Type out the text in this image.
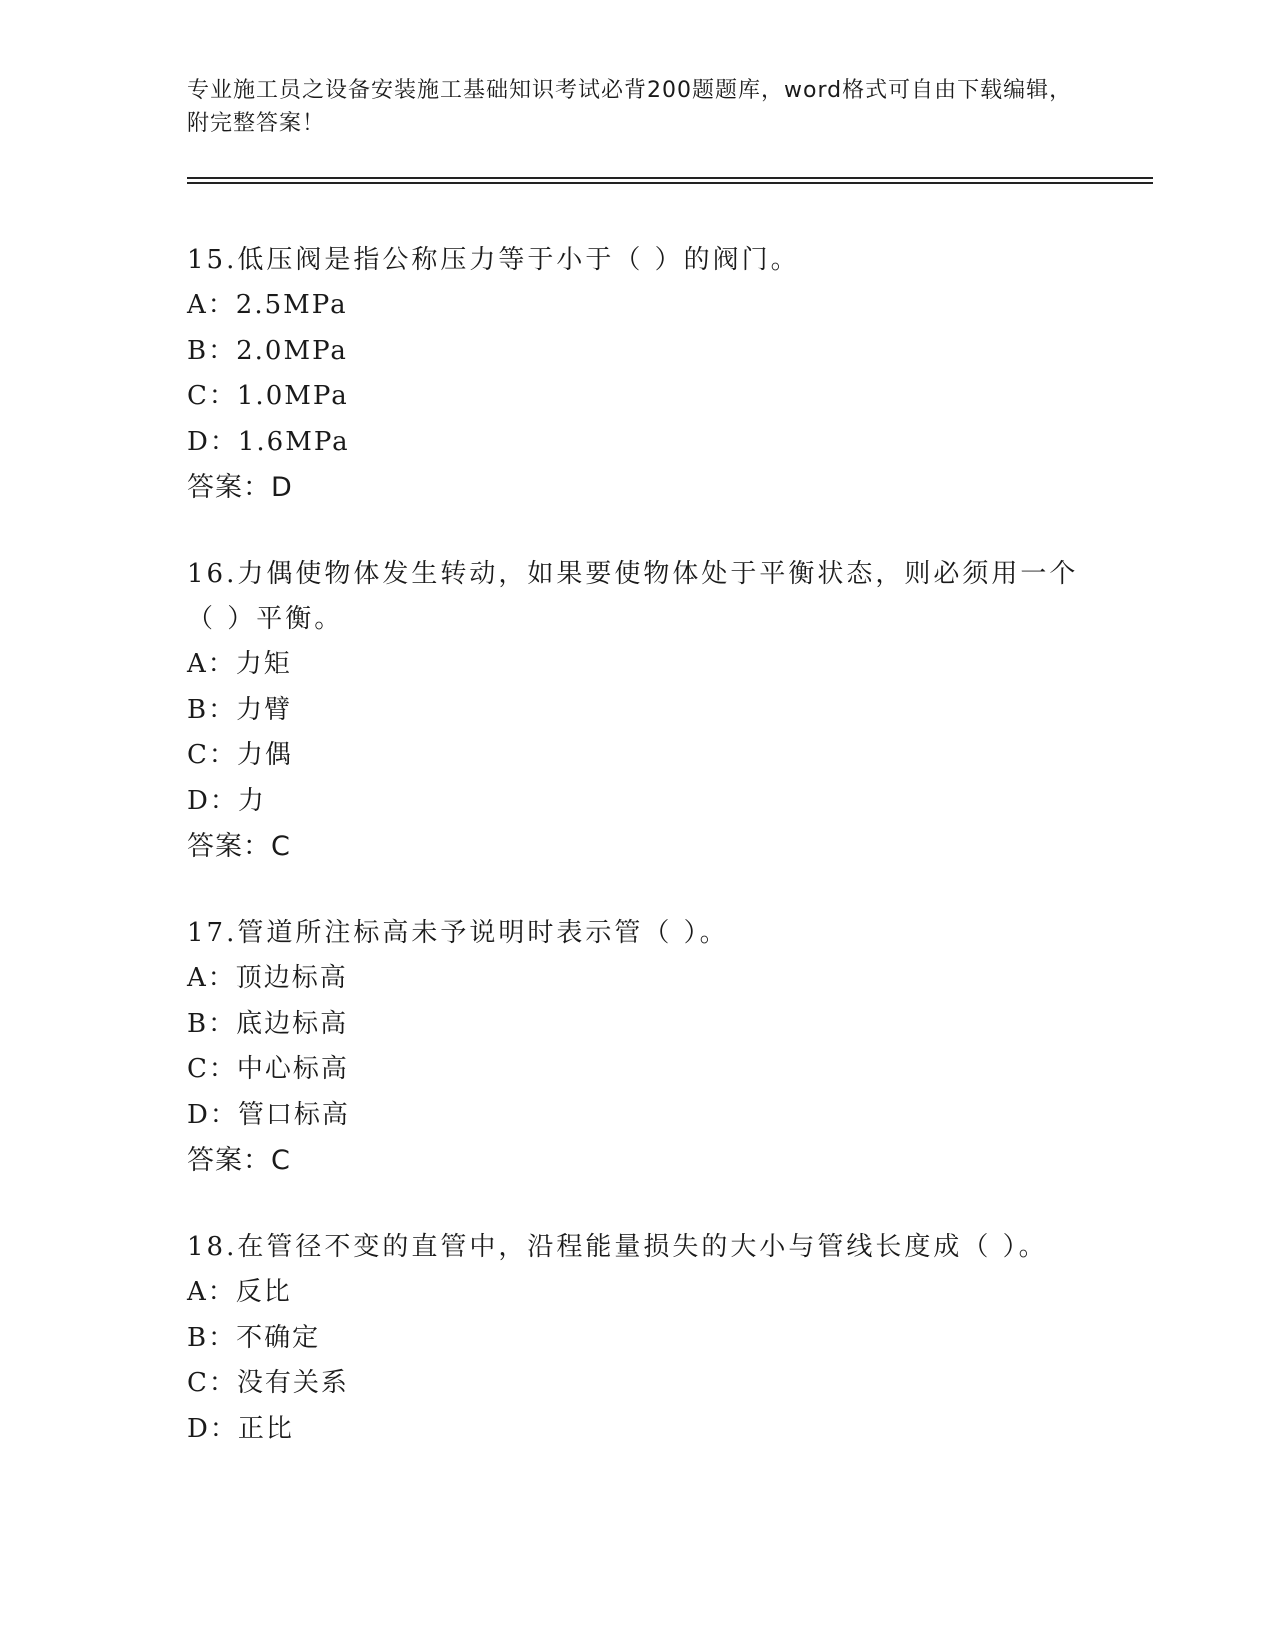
专业施工员之设备安装施工基础知识考试必背200题题库，word格式可自由下载编辑，附完整答案！
15.低压阀是指公称压力等于小于（ ）的阀门。
A：2.5MPa
B：2.0MPa
C：1.0MPa
D：1.6MPa
答案：D
16.力偶使物体发生转动，如果要使物体处于平衡状态，则必须用一个（ ）平衡。
A：力矩
B：力臂
C：力偶
D：力
答案：C
17.管道所注标高未予说明时表示管（ ）。
A：顶边标高
B：底边标高
C：中心标高
D：管口标高
答案：C
18.在管径不变的直管中，沿程能量损失的大小与管线长度成（ ）。
A：反比
B：不确定
C：没有关系
D：正比
